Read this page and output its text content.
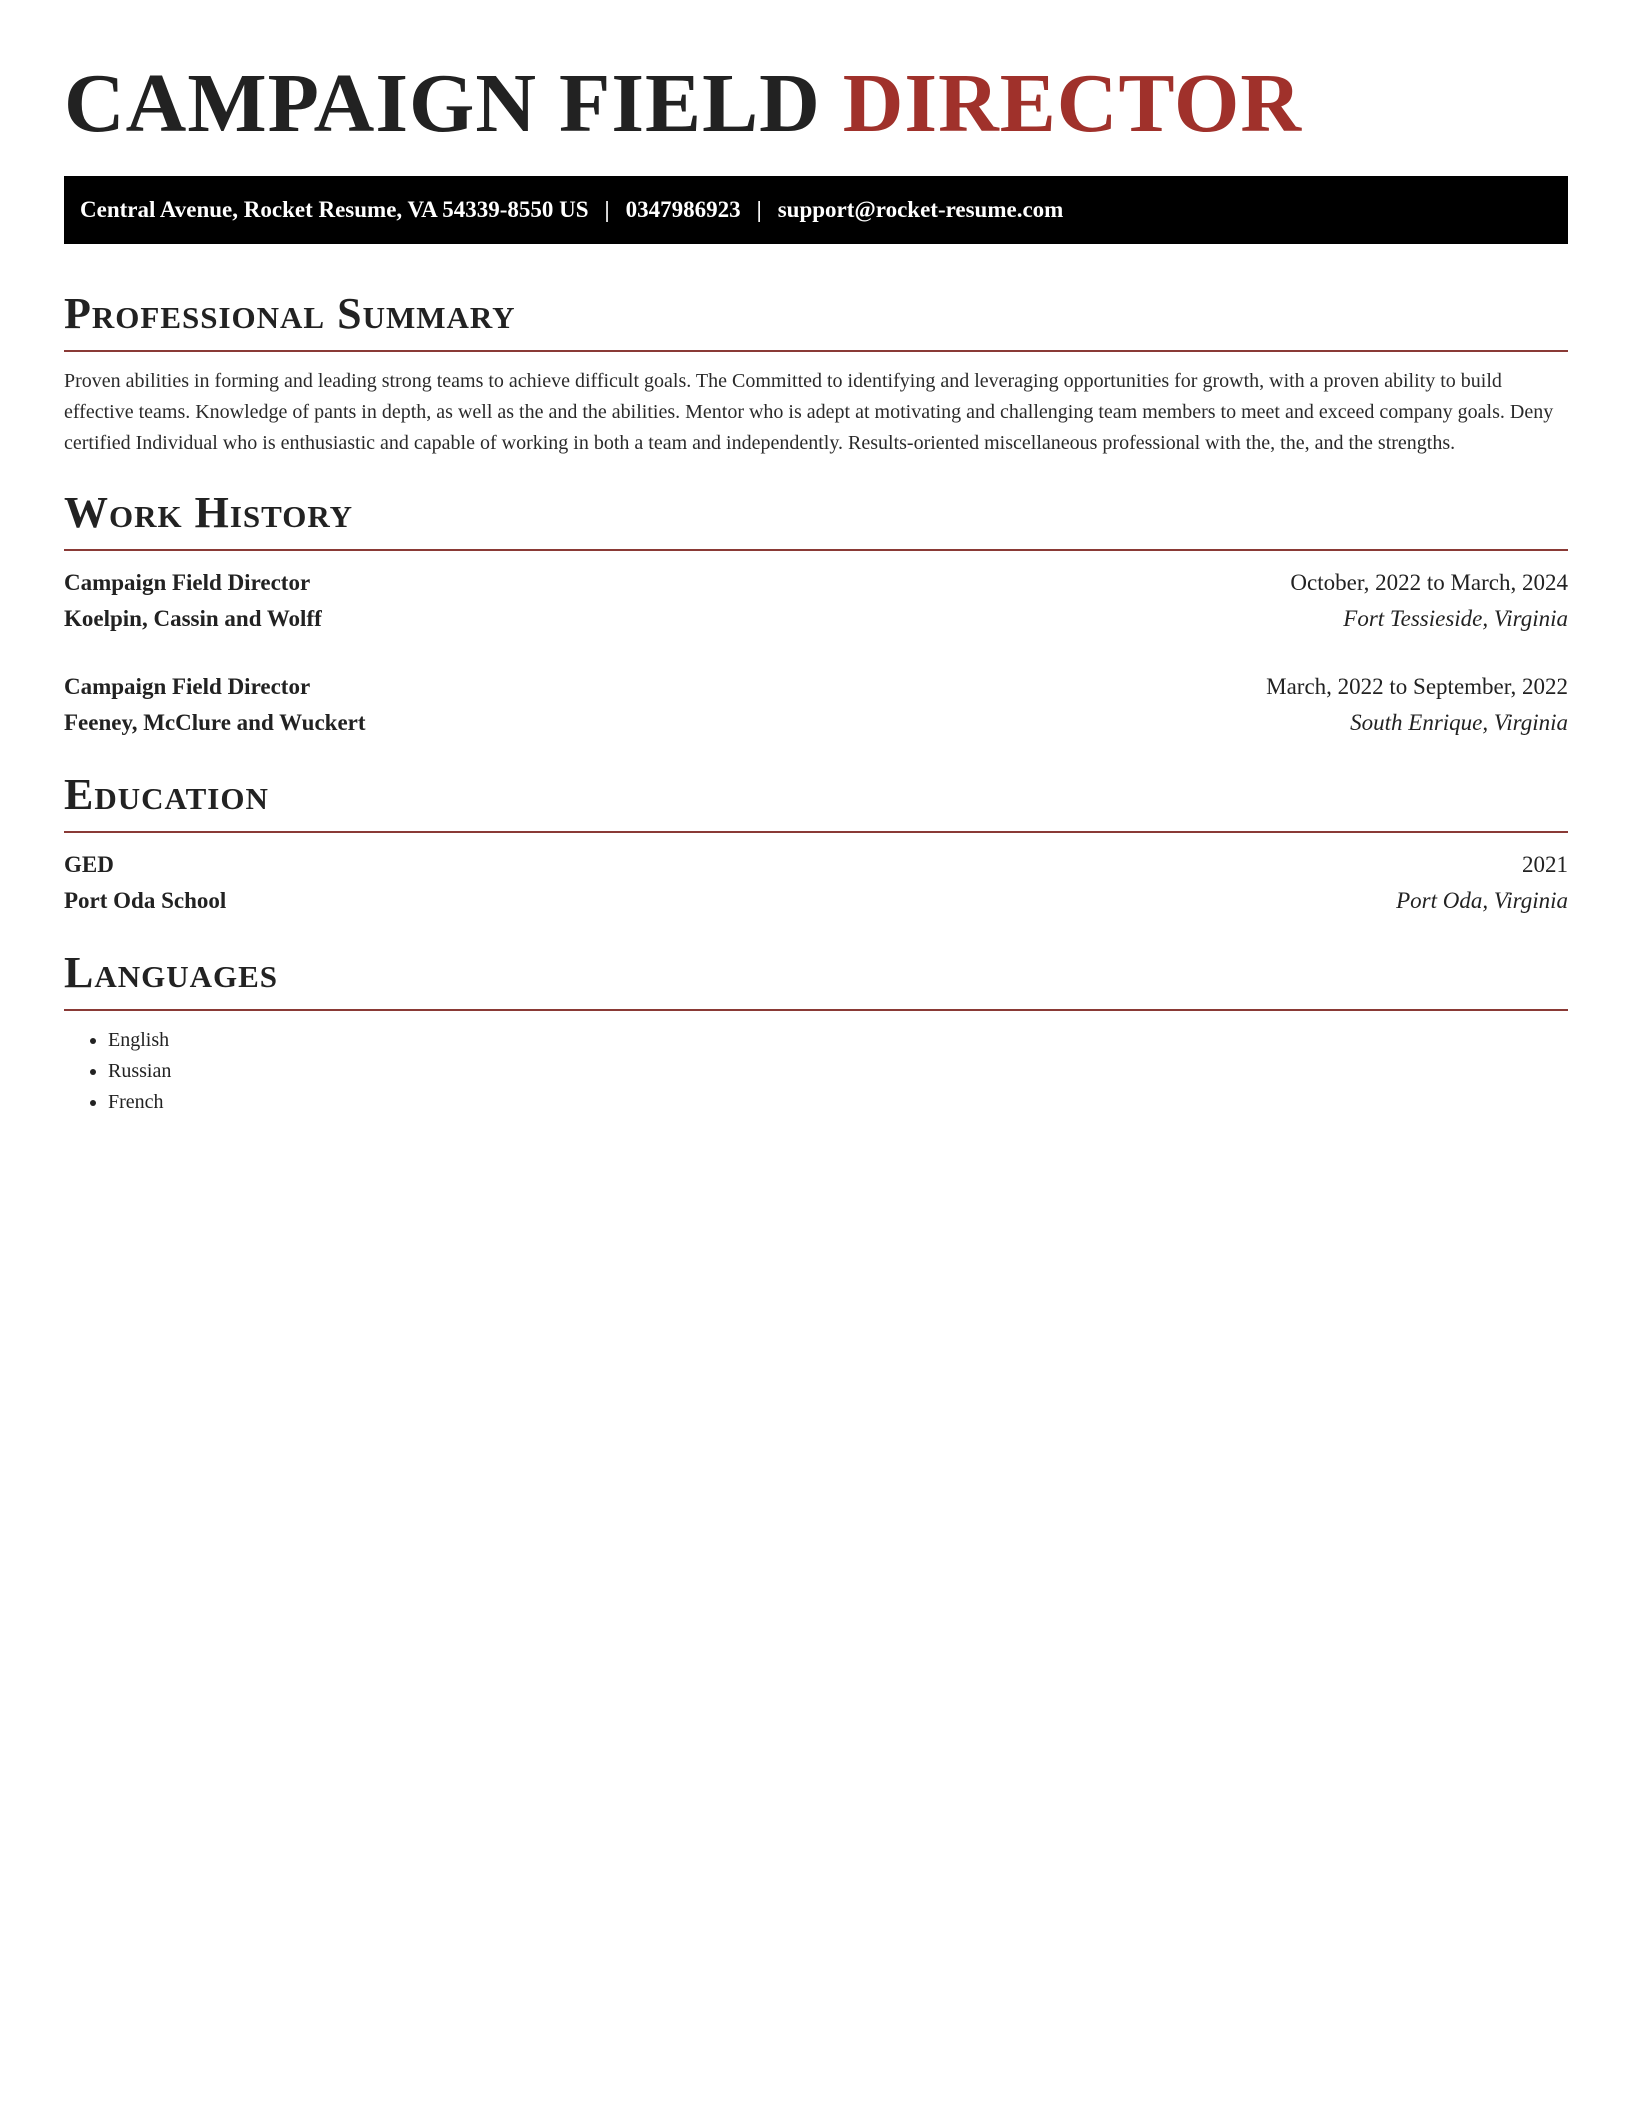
CAMPAIGN FIELD DIRECTOR
Central Avenue, Rocket Resume, VA 54339-8550 US | 0347986923 | support@rocket-resume.com
Professional Summary

Proven abilities in forming and leading strong teams to achieve difficult goals. The Committed to identifying and leveraging opportunities for growth, with a proven ability to build effective teams. Knowledge of pants in depth, as well as the and the abilities. Mentor who is adept at motivating and challenging team members to meet and exceed company goals. Deny certified Individual who is enthusiastic and capable of working in both a team and independently. Results-oriented miscellaneous professional with the, the, and the strengths.

Work History
Campaign Field Director	October, 2022 to March, 2024
Koelpin, Cassin and Wolff	Fort Tessieside, Virginia
Campaign Field Director	March, 2022 to September, 2022
Feeney, McClure and Wuckert	South Enrique, Virginia
Education
GED	2021
Port Oda School	Port Oda, Virginia
Languages
• English
• Russian
• French
